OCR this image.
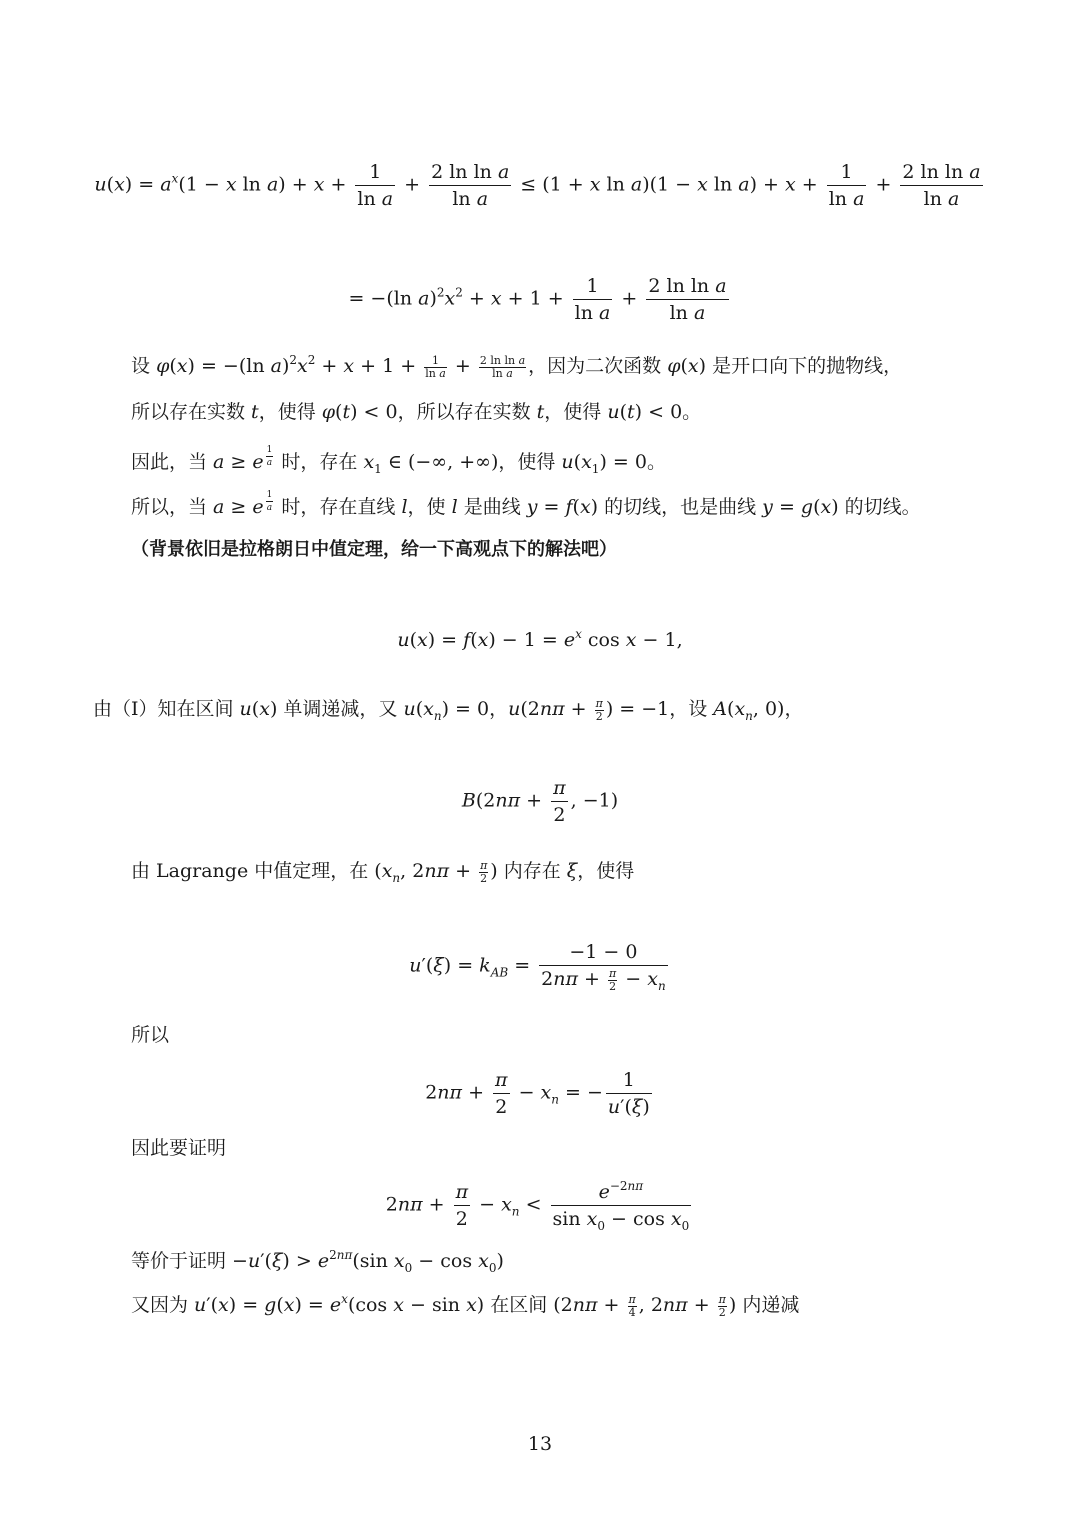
$u(x) = a^x(1 - x$ $\ln a) + x + \frac{1}{\text{ln a}} + \frac{\text{2 ln ln a}}{\text{ln a}} \le (1 + x$ ln a)(1 − x $\ln a) + x + \frac{1}{\text{ln a}} + \frac{\text{2 ln ln a}}{\text{ln a}}$
= −(ln $a)^2x^2 + x + 1 + \frac{1}{\text{ln a}} + \frac{\text{2 ln ln a}}{\text{ln a}}$
设 φ(x) = −(ln $a)^2x^2 + x + 1 + \frac{1}{\text{ln a}} + \frac{\text{2 ln ln a}}{\text{ln a}}$ ，因为二次函数 φ(x) 是开口向下的抛物线，
所以存在实数 t，使得 φ(t) < 0，所以存在实数 t，使得 u(t) < 0。
因此，当 a ≥ e $^{\frac{1}{a}}$ 时，存在 $x_1$ ∈ (−∞, +∞)，使得 $u(x_1) = 0$。
所以，当 a ≥ e $^{\frac{1}{a}}$ 时，存在直线 l，使 l 是曲线 y = f(x) 的切线，也是曲线 y = g(x) 的切线。
（背景依旧是拉格朗日中值定理，给一下高观点下的解法吧）
$u(x) = f(x) - 1 = e^x$ cos x − 1,
由（I）知在区间 u(x) 单调递减，又 $u(x_n) = 0$，$u(2n\pi + \frac{\pi}{2}$ ) = −1，设 $A(x_n$, 0)，
$B(2n\pi + \frac{\pi}{2}$ , −1)
由 Lagrange 中值定理，在 ($x_n$, $2n\pi + \frac{\pi}{2}$ ) 内存在 ξ，使得
$u'(\xi) = k_{AB} = \frac{-1 - 0}{2n\pi + \frac{\pi}{2} - x_n}$
所以
$2n\pi + \frac{\pi}{2} - x_n$ = − $\frac{1}{u'(\xi)}$
因此要证明
$2n\pi + \frac{\pi}{2} - x_n < \frac{e^{-2n\pi}}{\sin x_0 - \cos x_0}$
等价于证明 $-u'(\xi) > e^{2n\pi}(\sin$ $x_0 - \cos x_0$)
又因为 $u'(x) = g(x) = e^x(\cos$ x − sin x) 在区间 ($2n\pi + \frac{\pi}{4}$ , $2n\pi + \frac{\pi}{2}$ ) 内递减
13
